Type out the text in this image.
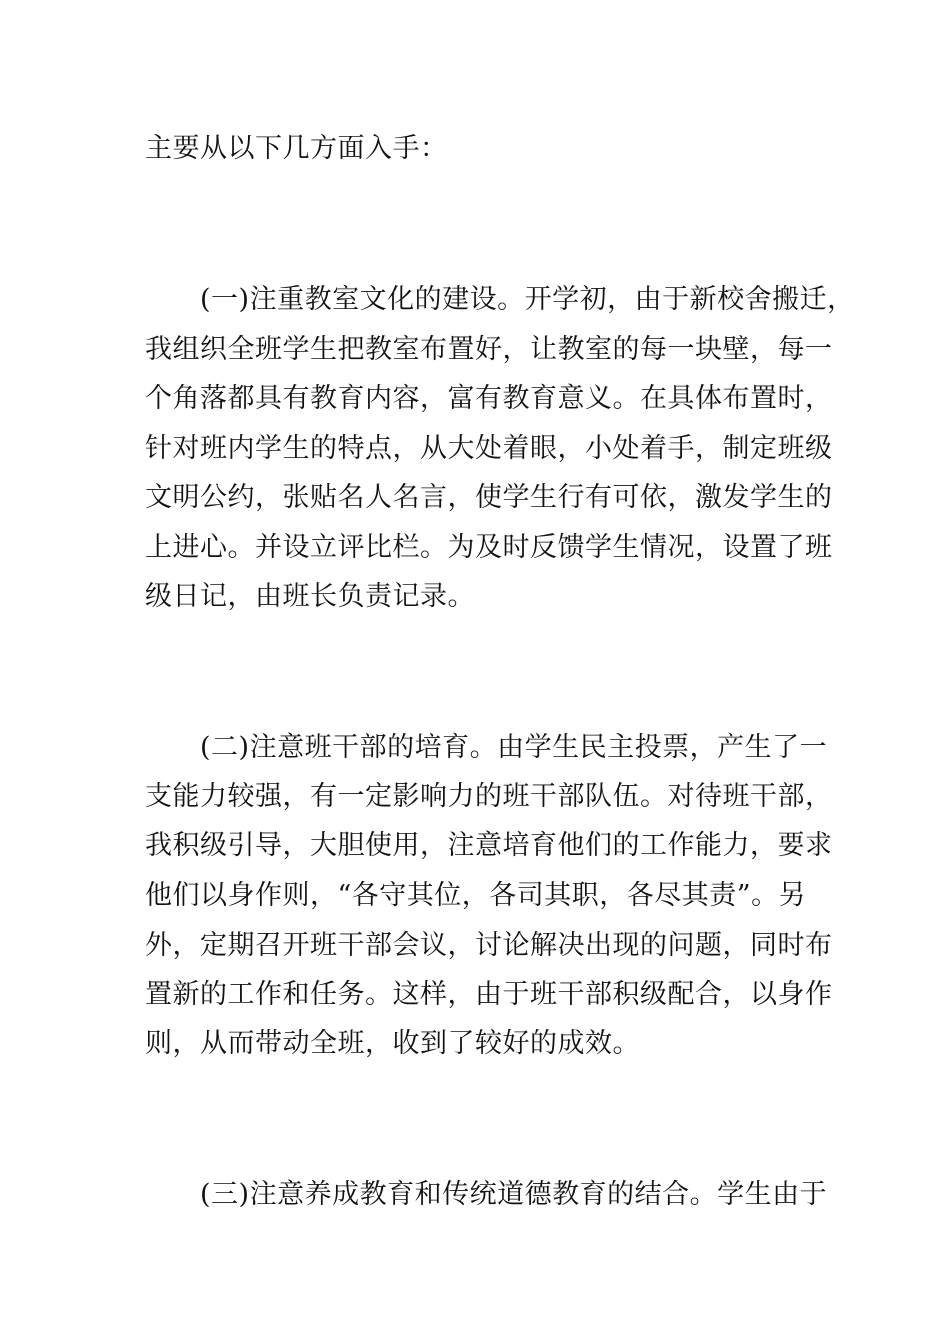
主要从以下几方面入手：
(一)注重教室文化的建设。开学初，由于新校舍搬迁，
我组织全班学生把教室布置好，让教室的每一块壁，每一
个角落都具有教育内容，富有教育意义。在具体布置时，
针对班内学生的特点，从大处着眼，小处着手，制定班级
文明公约，张贴名人名言，使学生行有可依，激发学生的
上进心。并设立评比栏。为及时反馈学生情况，设置了班
级日记，由班长负责记录。
(二)注意班干部的培育。由学生民主投票，产生了一
支能力较强，有一定影响力的班干部队伍。对待班干部，
我积级引导，大胆使用，注意培育他们的工作能力，要求
他们以身作则，“各守其位，各司其职，各尽其责”。另
外，定期召开班干部会议，讨论解决出现的问题，同时布
置新的工作和任务。这样，由于班干部积级配合，以身作
则，从而带动全班，收到了较好的成效。
(三)注意养成教育和传统道德教育的结合。学生由于
